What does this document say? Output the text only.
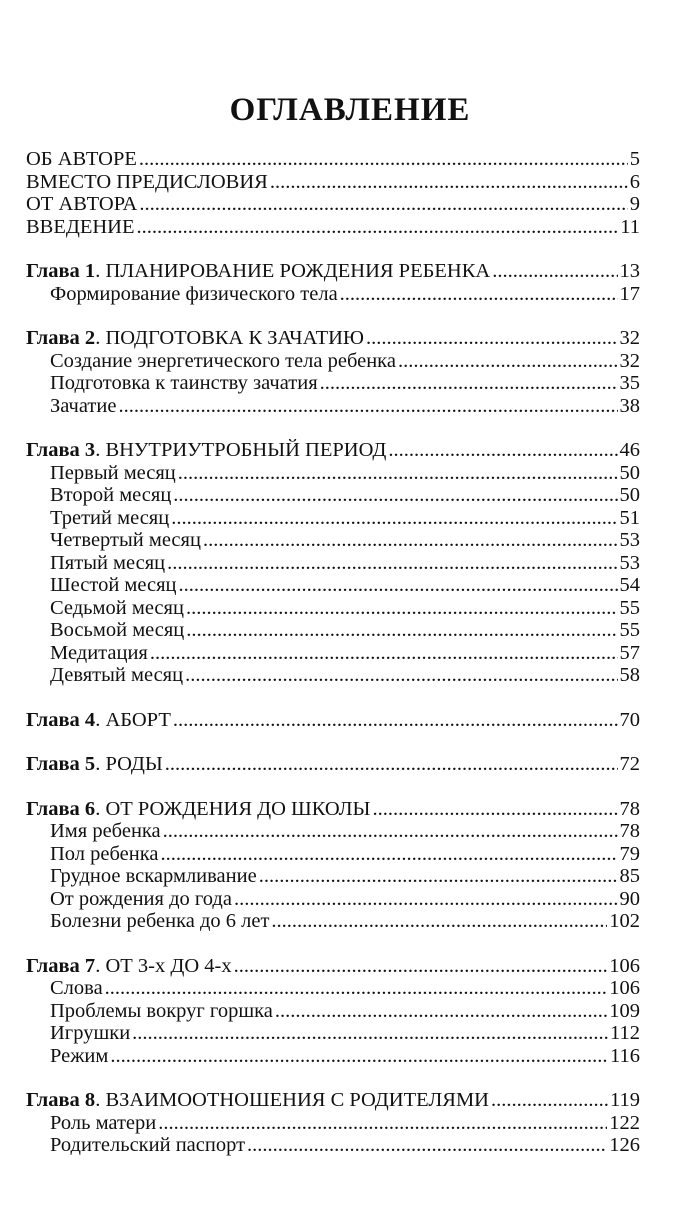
ОГЛАВЛЕНИЕ
ОБ АВТОРЕ .....	5
ВМЕСТО ПРЕДИСЛОВИЯ .....	6
ОТ АВТОРА .....	9
ВВЕДЕНИЕ .....	11
Глава 1. ПЛАНИРОВАНИЕ РОЖДЕНИЯ РЕБЕНКА .....	13
Формирование физического тела .....	17
Глава 2. ПОДГОТОВКА К ЗАЧАТИЮ .....	32
Создание энергетического тела ребенка .....	32
Подготовка к таинству зачатия .....	35
Зачатие .....	38
Глава 3. ВНУТРИУТРОБНЫЙ ПЕРИОД .....	46
Первый месяц .....	50
Второй месяц .....	50
Третий месяц .....	51
Четвертый месяц .....	53
Пятый месяц .....	53
Шестой месяц .....	54
Седьмой месяц .....	55
Восьмой месяц .....	55
Медитация .....	57
Девятый месяц .....	58
Глава 4. АБОРТ .....	70
Глава 5. РОДЫ .....	72
Глава 6. ОТ РОЖДЕНИЯ ДО ШКОЛЫ .....	78
Имя ребенка .....	78
Пол ребенка .....	79
Грудное вскармливание .....	85
От рождения до года .....	90
Болезни ребенка до 6 лет .....	102
Глава 7. ОТ 3-х ДО 4-х .....	106
Слова .....	106
Проблемы вокруг горшка .....	109
Игрушки .....	112
Режим .....	116
Глава 8. ВЗАИМООТНОШЕНИЯ С РОДИТЕЛЯМИ .....	119
Роль матери .....	122
Родительский паспорт .....	126
